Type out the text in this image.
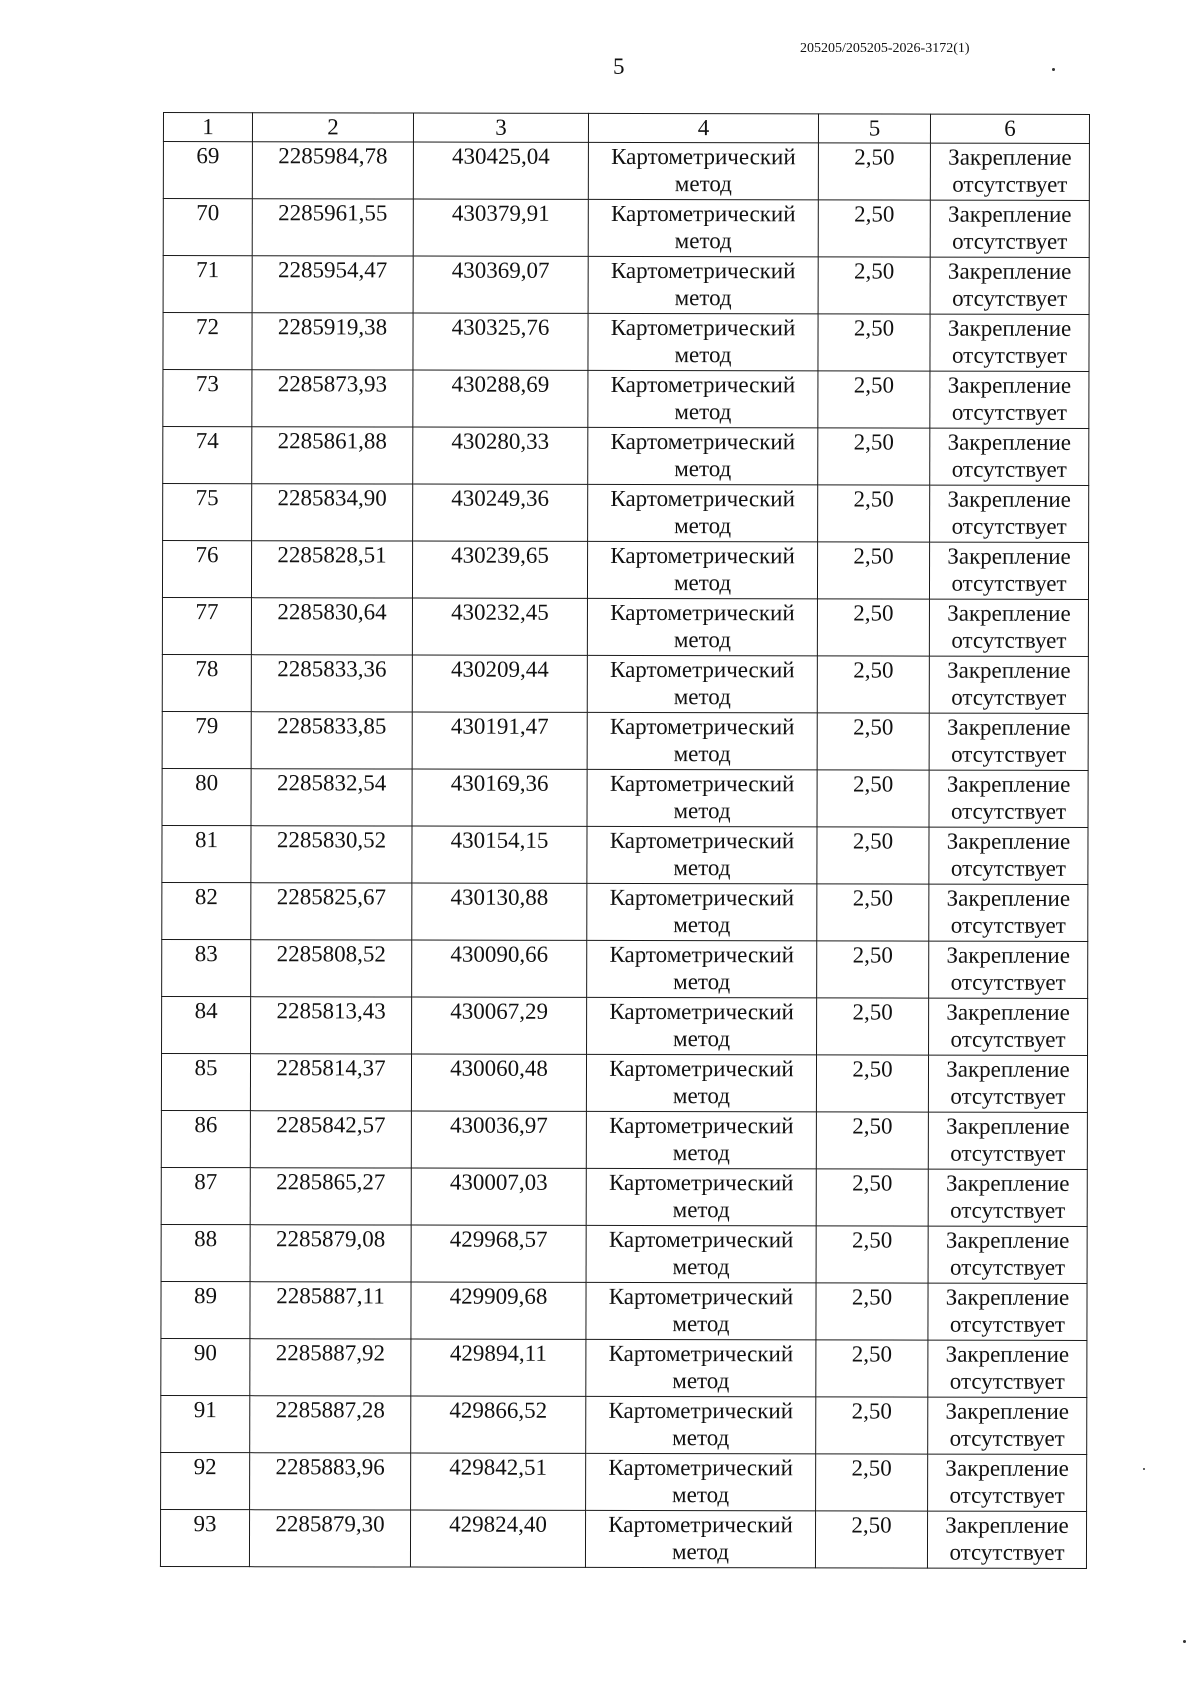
5
205205/205205-2026-3172(1)
1	2	3	4	5	6
69	2285984,78	430425,04	Картометрический метод	2,50	Закрепление отсутствует
70	2285961,55	430379,91	Картометрический метод	2,50	Закрепление отсутствует
71	2285954,47	430369,07	Картометрический метод	2,50	Закрепление отсутствует
72	2285919,38	430325,76	Картометрический метод	2,50	Закрепление отсутствует
73	2285873,93	430288,69	Картометрический метод	2,50	Закрепление отсутствует
74	2285861,88	430280,33	Картометрический метод	2,50	Закрепление отсутствует
75	2285834,90	430249,36	Картометрический метод	2,50	Закрепление отсутствует
76	2285828,51	430239,65	Картометрический метод	2,50	Закрепление отсутствует
77	2285830,64	430232,45	Картометрический метод	2,50	Закрепление отсутствует
78	2285833,36	430209,44	Картометрический метод	2,50	Закрепление отсутствует
79	2285833,85	430191,47	Картометрический метод	2,50	Закрепление отсутствует
80	2285832,54	430169,36	Картометрический метод	2,50	Закрепление отсутствует
81	2285830,52	430154,15	Картометрический метод	2,50	Закрепление отсутствует
82	2285825,67	430130,88	Картометрический метод	2,50	Закрепление отсутствует
83	2285808,52	430090,66	Картометрический метод	2,50	Закрепление отсутствует
84	2285813,43	430067,29	Картометрический метод	2,50	Закрепление отсутствует
85	2285814,37	430060,48	Картометрический метод	2,50	Закрепление отсутствует
86	2285842,57	430036,97	Картометрический метод	2,50	Закрепление отсутствует
87	2285865,27	430007,03	Картометрический метод	2,50	Закрепление отсутствует
88	2285879,08	429968,57	Картометрический метод	2,50	Закрепление отсутствует
89	2285887,11	429909,68	Картометрический метод	2,50	Закрепление отсутствует
90	2285887,92	429894,11	Картометрический метод	2,50	Закрепление отсутствует
91	2285887,28	429866,52	Картометрический метод	2,50	Закрепление отсутствует
92	2285883,96	429842,51	Картометрический метод	2,50	Закрепление отсутствует
93	2285879,30	429824,40	Картометрический метод	2,50	Закрепление отсутствует
